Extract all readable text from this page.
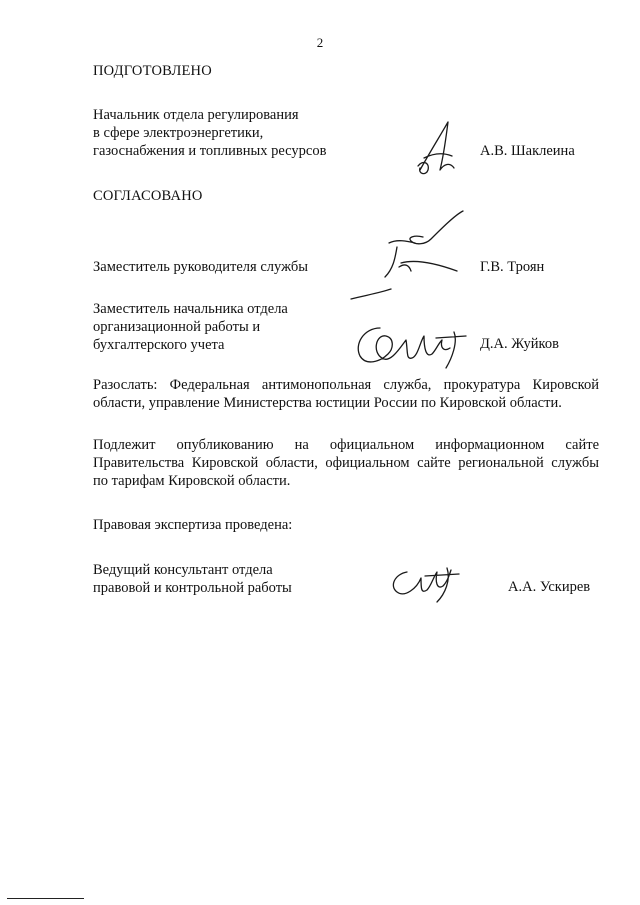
2
ПОДГОТОВЛЕНО
Начальник отдела регулирования
в сфере электроэнергетики,
газоснабжения и топливных ресурсов	А.В. Шаклеина
СОГЛАСОВАНО
Заместитель руководителя службы	Г.В. Троян
Заместитель начальника отдела
организационной работы и
бухгалтерского учета	Д.А. Жуйков
Разослать: Федеральная антимонопольная служба, прокуратура Кировской
области, управление Министерства юстиции России по Кировской области.
Подлежит опубликованию на официальном информационном сайте
Правительства Кировской области, официальном сайте региональной службы
по тарифам Кировской области.
Правовая экспертиза проведена:
Ведущий консультант отдела
правовой и контрольной работы	А.А. Ускирев
